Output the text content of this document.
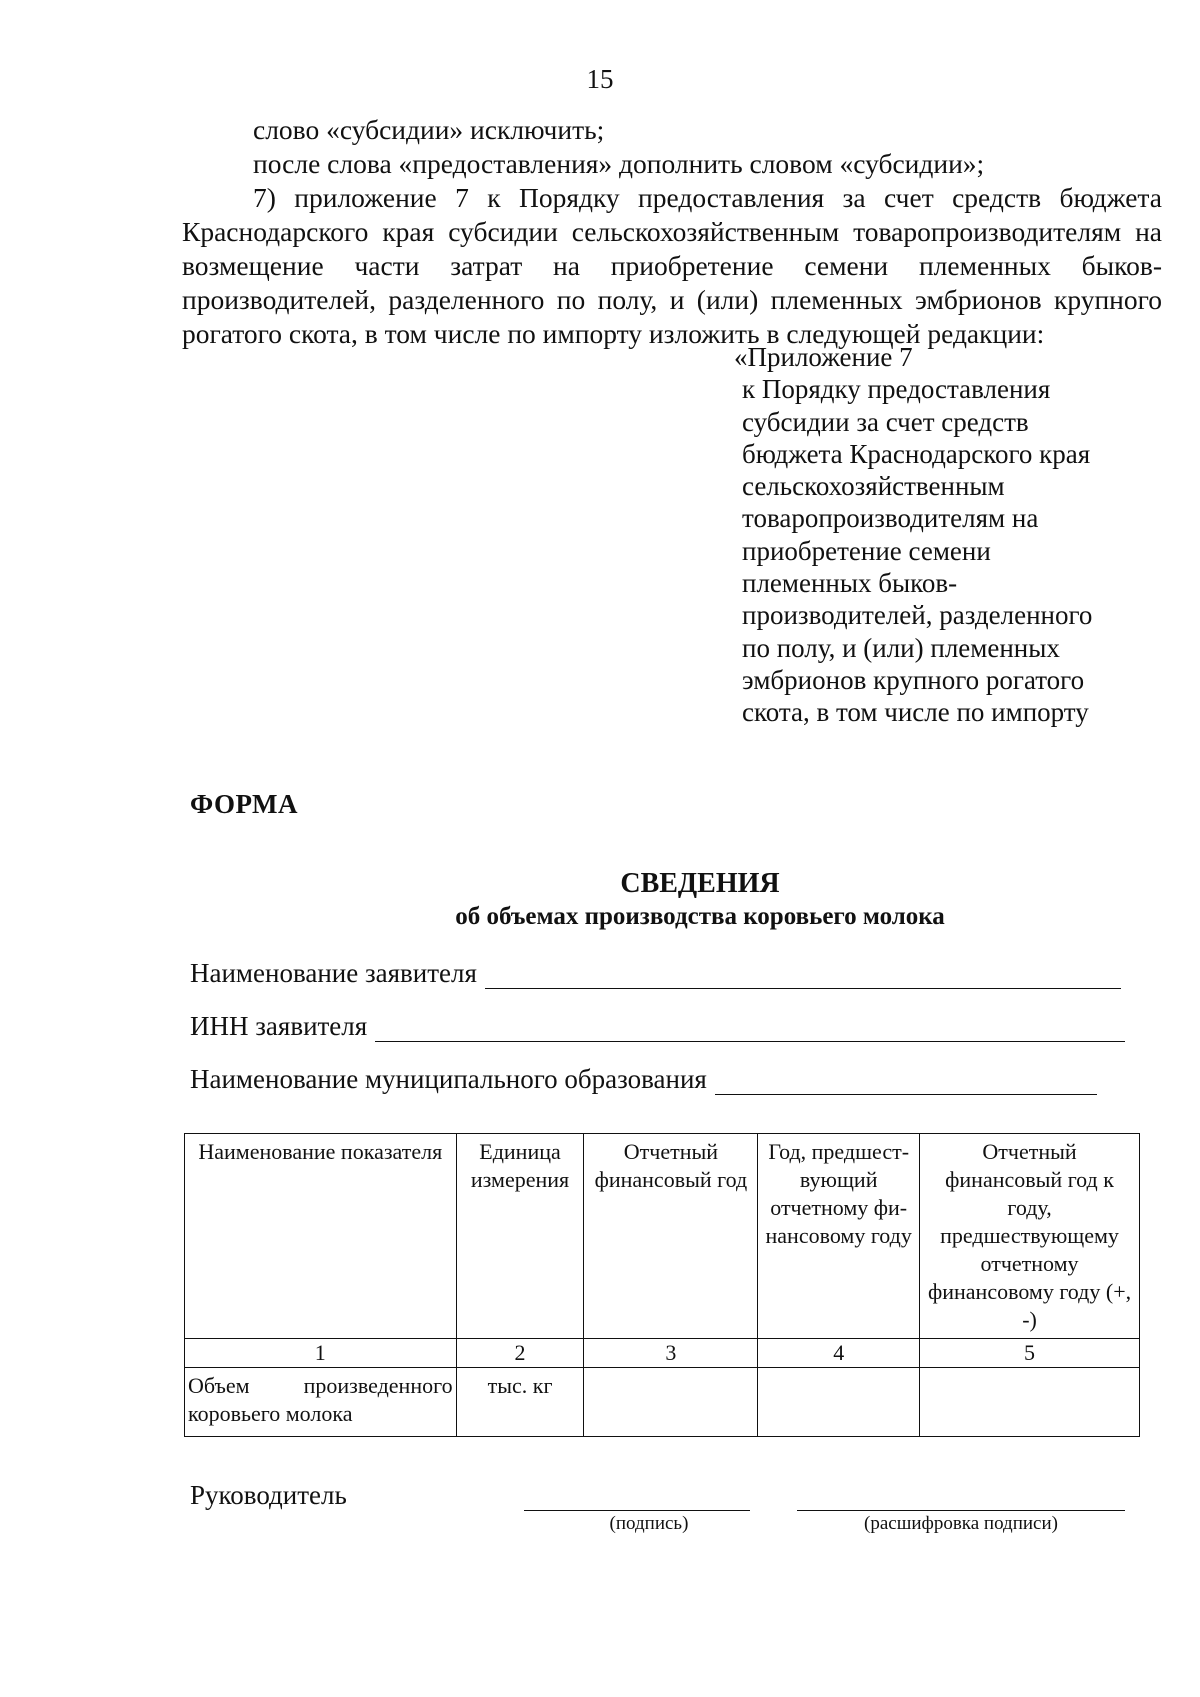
15

слово «субсидии» исключить;

после слова «предоставления» дополнить словом «субсидии»;

7) приложение 7 к Порядку предоставления за счет средств бюджета Краснодарского края субсидии сельскохозяйственным товаропроизводителям на возмещение части затрат на приобретение семени племенных быков-производителей, разделенного по полу, и (или) племенных эмбрионов крупного рогатого скота, в том числе по импорту изложить в следующей редакции:

«Приложение 7
к Порядку предоставления
субсидии за счет средств
бюджета Краснодарского края
сельскохозяйственным
товаропроизводителям на
приобретение семени
племенных быков-
производителей, разделенного
по полу, и (или) племенных
эмбрионов крупного рогатого
скота, в том числе по импорту
ФОРМА
СВЕДЕНИЯ
об объемах производства коровьего молока
Наименование заявителя
ИНН заявителя
Наименование муниципального образования
Наименование показателя	Единица измерения	Отчетный финансовый год	Год, предшест-вующий отчетному фи-нансовому году	Отчетный финансовый год к году, предшествующему отчетному финансовому году (+, -)
1	2	3	4	5
Объем произведенного коровьего молока	тыс. кг			
Руководитель
(подпись)	(расшифровка подписи)
